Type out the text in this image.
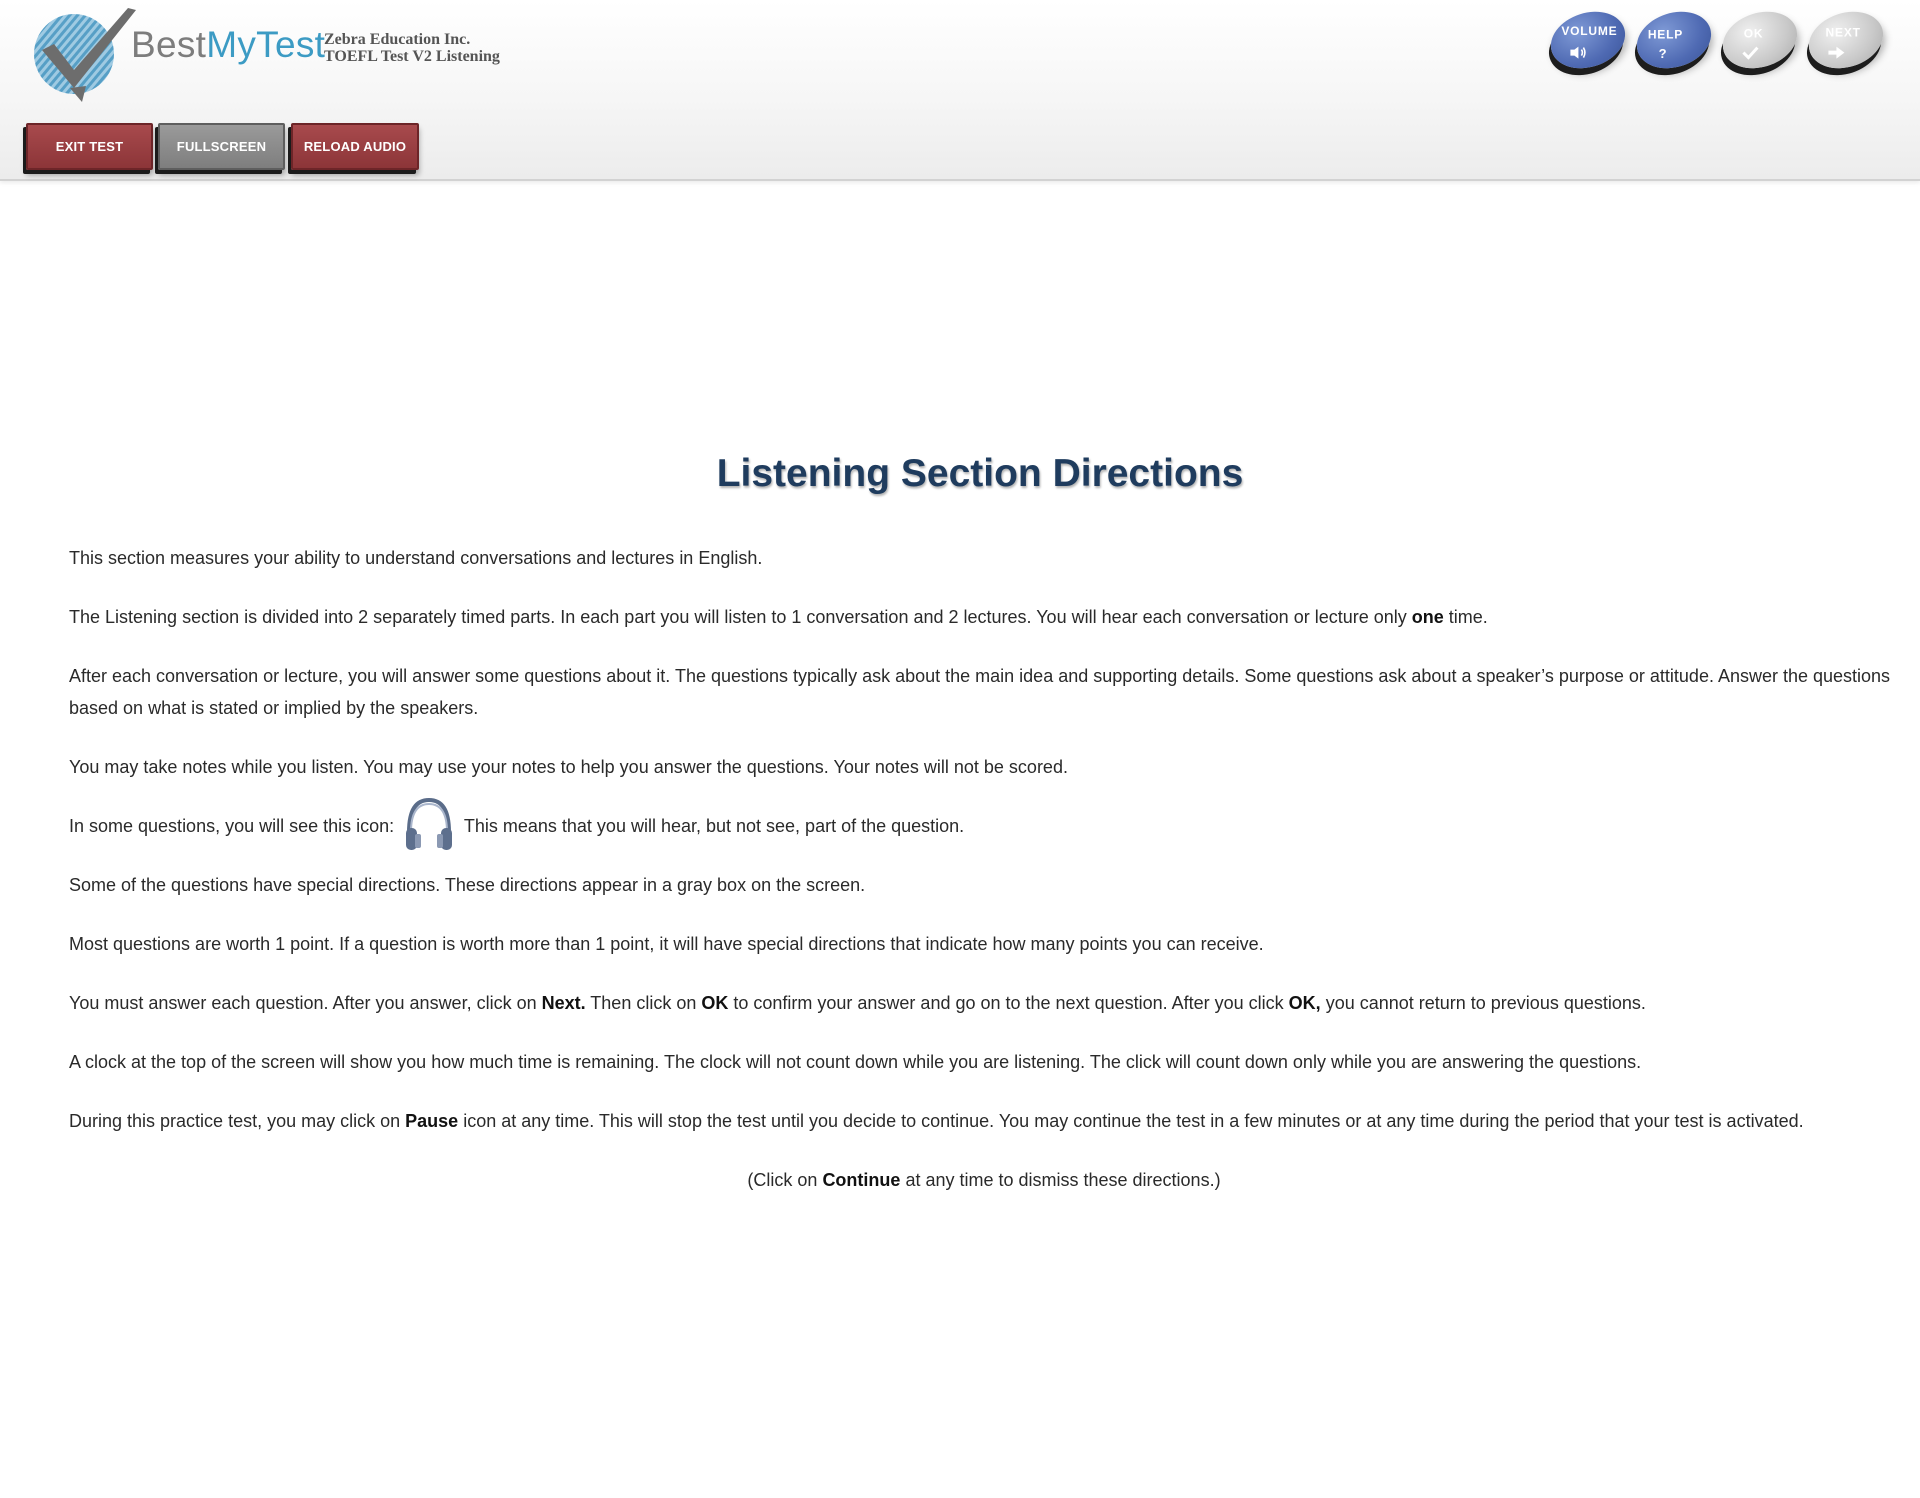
BestMyTest
Zebra Education Inc.
TOEFL Test V2 Listening
EXIT TEST	FULLSCREEN	RELOAD AUDIO
VOLUME	HELP
?
OK	NEXT
Listening Section Directions

This section measures your ability to understand conversations and lectures in English.

The Listening section is divided into 2 separately timed parts. In each part you will listen to 1 conversation and 2 lectures. You will hear each conversation or lecture only one time.

After each conversation or lecture, you will answer some questions about it. The questions typically ask about the main idea and supporting details. Some questions ask about a speaker’s purpose or attitude. Answer the questions based on what is stated or implied by the speakers.

You may take notes while you listen. You may use your notes to help you answer the questions. Your notes will not be scored.

In some questions, you will see this icon:	This means that you will hear, but not see, part of the question.

Some of the questions have special directions. These directions appear in a gray box on the screen.

Most questions are worth 1 point. If a question is worth more than 1 point, it will have special directions that indicate how many points you can receive.

You must answer each question. After you answer, click on Next. Then click on OK to confirm your answer and go on to the next question. After you click OK, you cannot return to previous questions.

A clock at the top of the screen will show you how much time is remaining. The clock will not count down while you are listening. The click will count down only while you are answering the questions.

During this practice test, you may click on Pause icon at any time. This will stop the test until you decide to continue. You may continue the test in a few minutes or at any time during the period that your test is activated.

(Click on Continue at any time to dismiss these directions.)
